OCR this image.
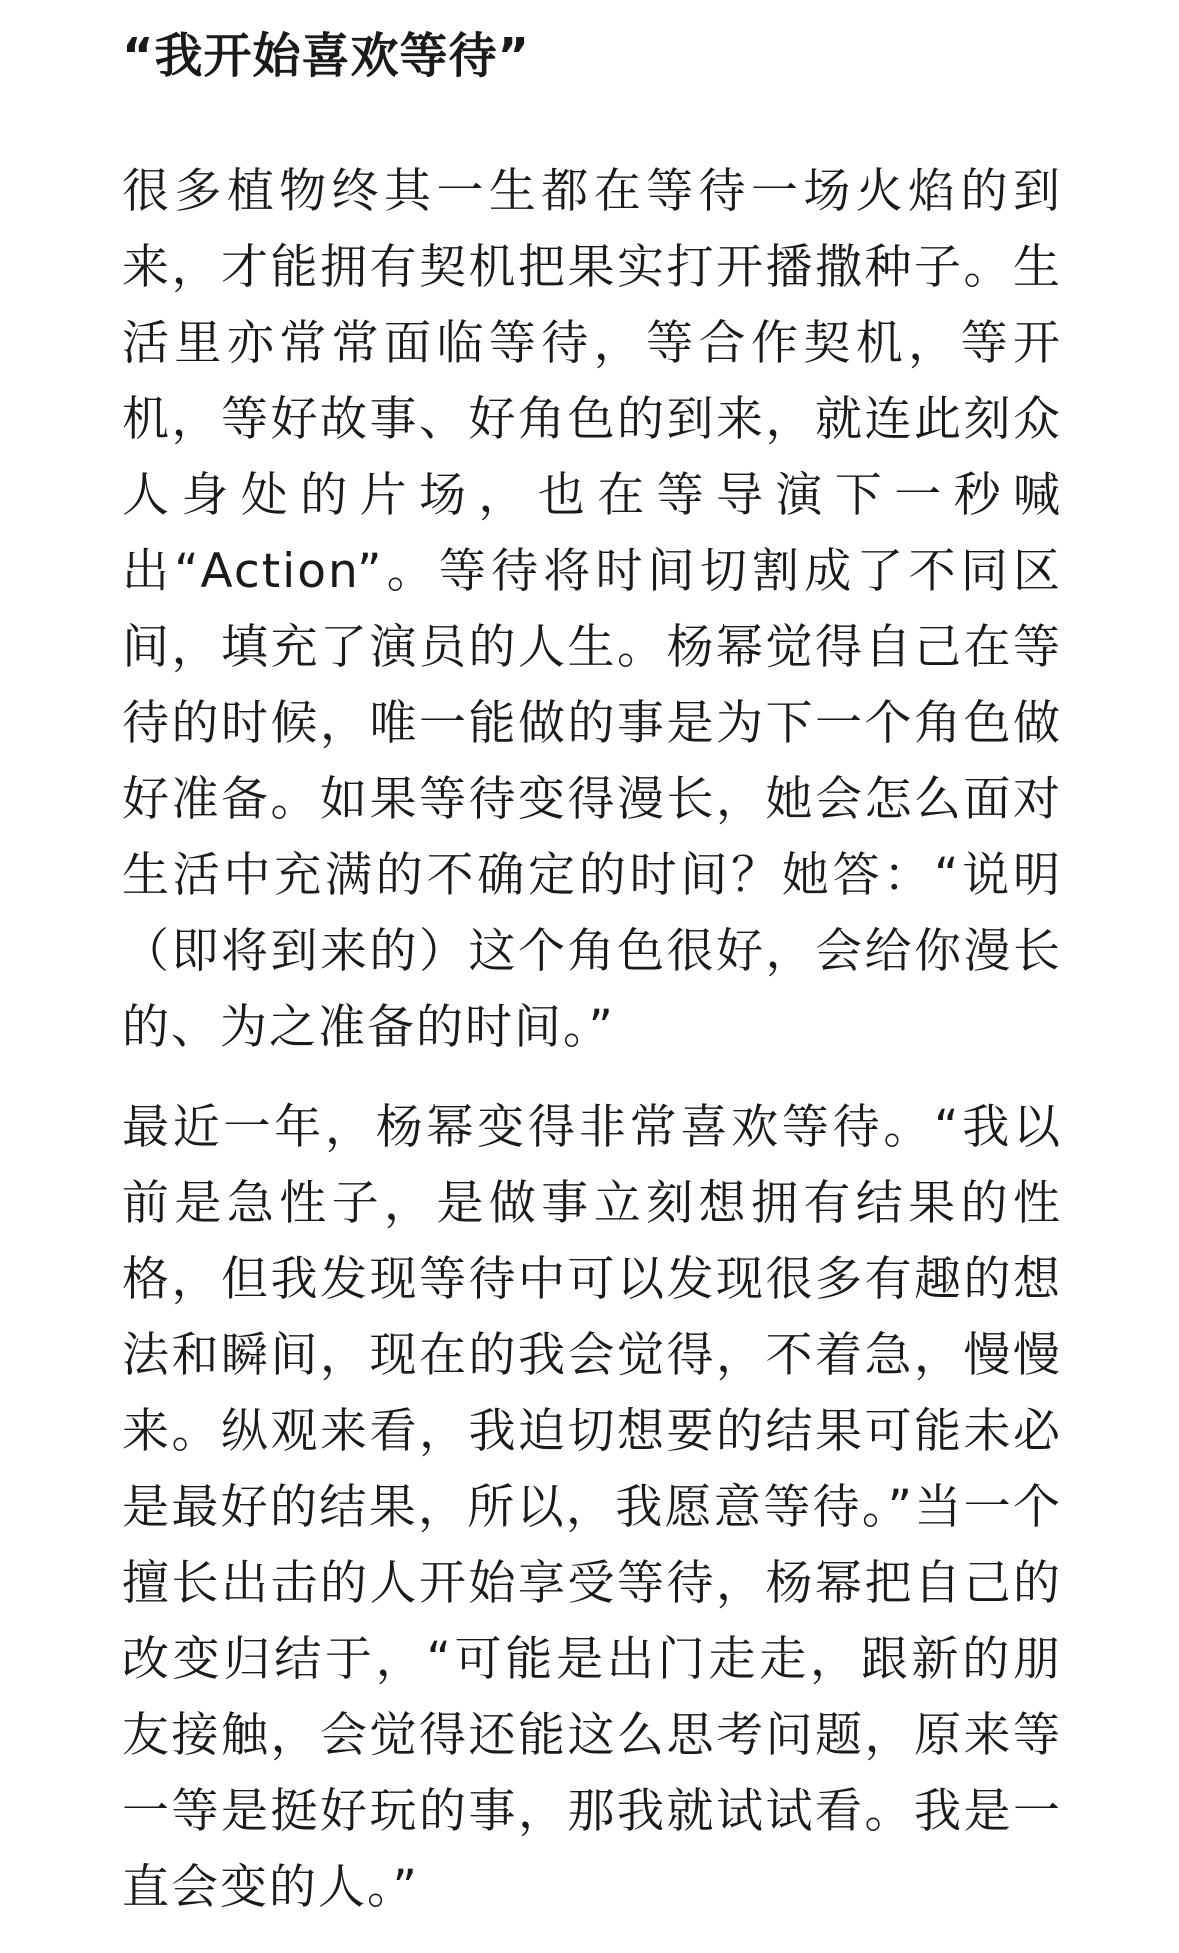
“我开始喜欢等待”

很多植物终其一生都在等待一场火焰的到来，才能拥有契机把果实打开播撒种子。生活里亦常常面临等待，等合作契机，等开机，等好故事、好角色的到来，就连此刻众人身处的片场，也在等导演下一秒喊出“Action”。等待将时间切割成了不同区间，填充了演员的人生。杨幂觉得自己在等待的时候，唯一能做的事是为下一个角色做好准备。如果等待变得漫长，她会怎么面对生活中充满的不确定的时间？她答：“说明（即将到来的）这个角色很好，会给你漫长的、为之准备的时间。”

最近一年，杨幂变得非常喜欢等待。“我以前是急性子，是做事立刻想拥有结果的性格，但我发现等待中可以发现很多有趣的想法和瞬间，现在的我会觉得，不着急，慢慢来。纵观来看，我迫切想要的结果可能未必是最好的结果，所以，我愿意等待。”当一个擅长出击的人开始享受等待，杨幂把自己的改变归结于，“可能是出门走走，跟新的朋友接触，会觉得还能这么思考问题，原来等一等是挺好玩的事，那我就试试看。我是一直会变的人。”
